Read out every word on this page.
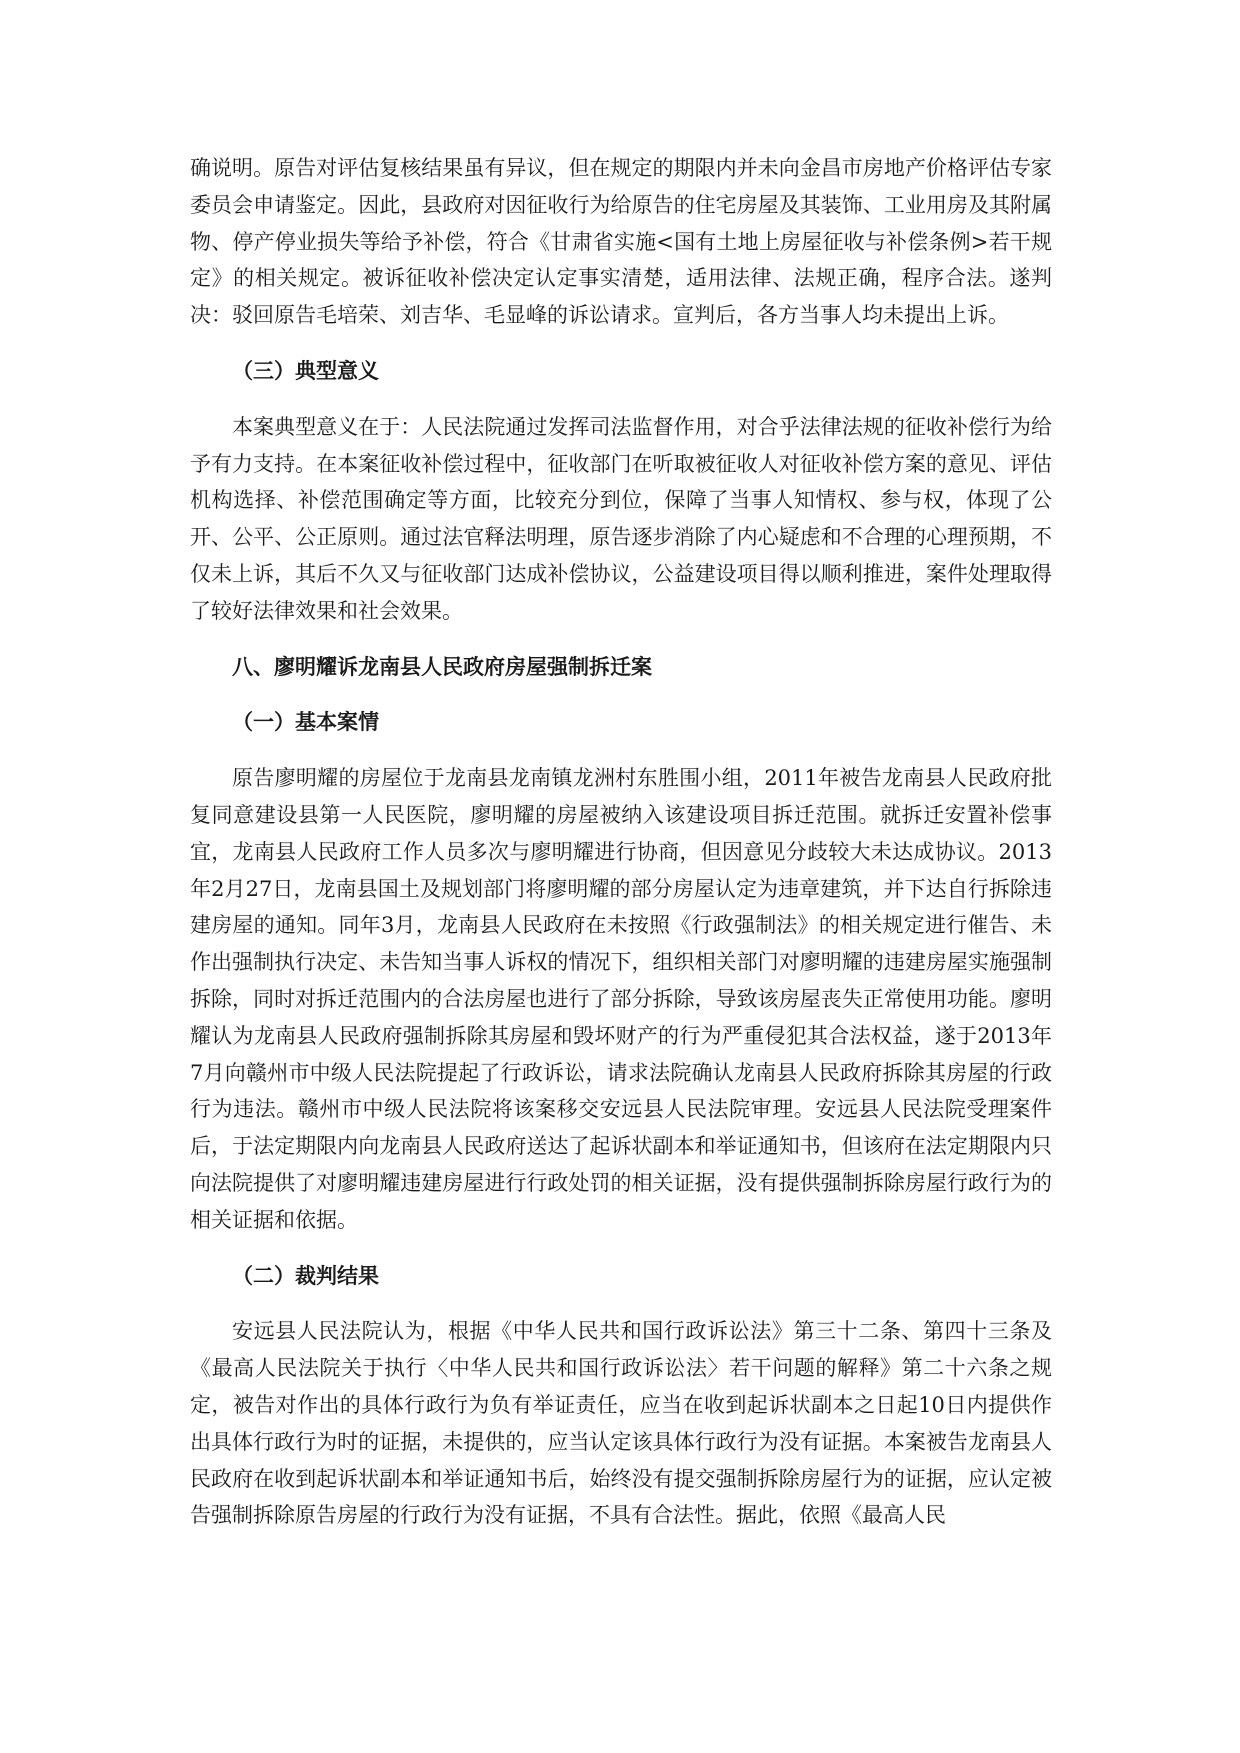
确说明。原告对评估复核结果虽有异议，但在规定的期限内并未向金昌市房地产价格评估专家委员会申请鉴定。因此，县政府对因征收行为给原告的住宅房屋及其装饰、工业用房及其附属物、停产停业损失等给予补偿，符合《甘肃省实施<国有土地上房屋征收与补偿条例>若干规定》的相关规定。被诉征收补偿决定认定事实清楚，适用法律、法规正确，程序合法。遂判决：驳回原告毛培荣、刘吉华、毛显峰的诉讼请求。宣判后，各方当事人均未提出上诉。

（三）典型意义

本案典型意义在于：人民法院通过发挥司法监督作用，对合乎法律法规的征收补偿行为给予有力支持。在本案征收补偿过程中，征收部门在听取被征收人对征收补偿方案的意见、评估机构选择、补偿范围确定等方面，比较充分到位，保障了当事人知情权、参与权，体现了公开、公平、公正原则。通过法官释法明理，原告逐步消除了内心疑虑和不合理的心理预期，不仅未上诉，其后不久又与征收部门达成补偿协议，公益建设项目得以顺利推进，案件处理取得了较好法律效果和社会效果。

八、廖明耀诉龙南县人民政府房屋强制拆迁案

（一）基本案情

原告廖明耀的房屋位于龙南县龙南镇龙洲村东胜围小组，2011年被告龙南县人民政府批复同意建设县第一人民医院，廖明耀的房屋被纳入该建设项目拆迁范围。就拆迁安置补偿事宜，龙南县人民政府工作人员多次与廖明耀进行协商，但因意见分歧较大未达成协议。2013年2月27日，龙南县国土及规划部门将廖明耀的部分房屋认定为违章建筑，并下达自行拆除违建房屋的通知。同年3月，龙南县人民政府在未按照《行政强制法》的相关规定进行催告、未作出强制执行决定、未告知当事人诉权的情况下，组织相关部门对廖明耀的违建房屋实施强制拆除，同时对拆迁范围内的合法房屋也进行了部分拆除，导致该房屋丧失正常使用功能。廖明耀认为龙南县人民政府强制拆除其房屋和毁坏财产的行为严重侵犯其合法权益，遂于2013年7月向赣州市中级人民法院提起了行政诉讼，请求法院确认龙南县人民政府拆除其房屋的行政行为违法。赣州市中级人民法院将该案移交安远县人民法院审理。安远县人民法院受理案件后，于法定期限内向龙南县人民政府送达了起诉状副本和举证通知书，但该府在法定期限内只向法院提供了对廖明耀违建房屋进行行政处罚的相关证据，没有提供强制拆除房屋行政行为的相关证据和依据。

（二）裁判结果

安远县人民法院认为，根据《中华人民共和国行政诉讼法》第三十二条、第四十三条及《最高人民法院关于执行〈中华人民共和国行政诉讼法〉若干问题的解释》第二十六条之规定，被告对作出的具体行政行为负有举证责任，应当在收到起诉状副本之日起10日内提供作出具体行政行为时的证据，未提供的，应当认定该具体行政行为没有证据。本案被告龙南县人民政府在收到起诉状副本和举证通知书后，始终没有提交强制拆除房屋行为的证据，应认定被告强制拆除原告房屋的行政行为没有证据，不具有合法性。据此，依照《最高人民
